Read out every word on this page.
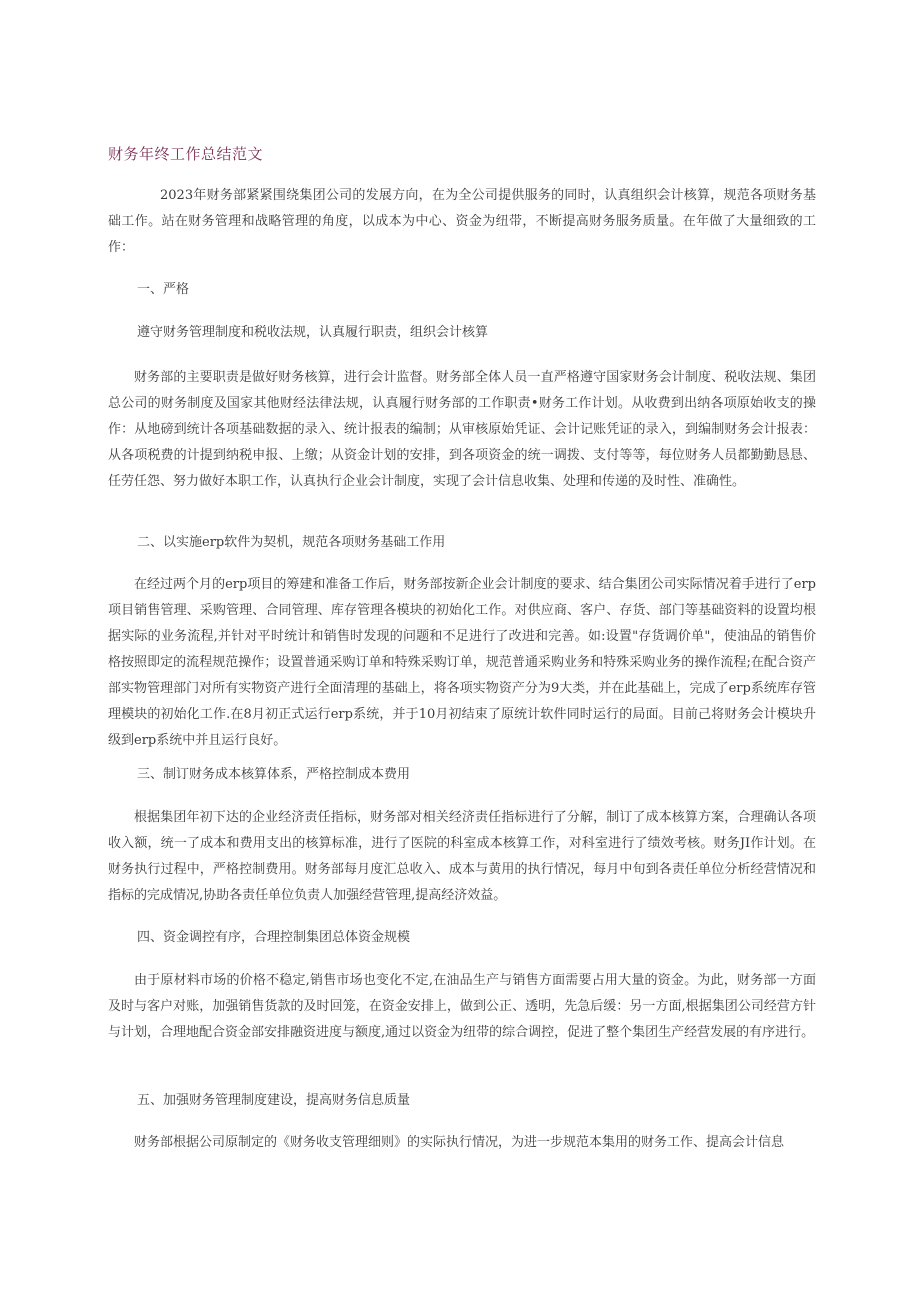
财务年终工作总结范文
2023年财务部紧紧围绕集团公司的发展方向，在为全公司提供服务的同时，认真组织会计核算，规范各项财务基础工作。站在财务管理和战略管理的角度，以成本为中心、资金为纽带，不断提高财务服务质量。在年做了大量细致的工作：
一、严格
遵守财务管理制度和税收法规，认真履行职责，组织会计核算
财务部的主要职责是做好财务核算，进行会计监督。财务部全体人员一直严格遵守国家财务会计制度、税收法规、集团总公司的财务制度及国家其他财经法律法规，认真履行财务部的工作职责•财务工作计划。从收费到出纳各项原始收支的操作：从地磅到统计各项基础数据的录入、统计报表的编制；从审核原始凭证、会计记账凭证的录入，到编制财务会计报表：从各项税费的计提到纳税申报、上缴；从资金计划的安排，到各项资金的统一调拨、支付等等，每位财务人员都勤勤恳恳、任劳任怨、努力做好本职工作，认真执行企业会计制度，实现了会计信息收集、处理和传递的及时性、准确性。
二、以实施erp软件为契机，规范各项财务基础工作用
在经过两个月的erp项目的筹建和准备工作后，财务部按新企业会计制度的要求、结合集团公司实际情况着手进行了erp项目销售管理、采购管理、合同管理、库存管理各模块的初始化工作。对供应商、客户、存货、部门等基础资料的设置均根据实际的业务流程,并针对平时统计和销售时发现的问题和不足进行了改进和完善。如:设置"存货调价单"，使油品的销售价格按照即定的流程规范操作；设置普通采购订单和特殊采购订单，规范普通采购业务和特殊采购业务的操作流程;在配合资产部实物管理部门对所有实物资产进行全面清理的基础上，将各项实物资产分为9大类，并在此基础上，完成了erp系统库存管理模块的初始化工作.在8月初正式运行erp系统，并于10月初结束了原统计软件同时运行的局面。目前己将财务会计模块升级到erp系统中并且运行良好。
三、制订财务成本核算体系，严格控制成本费用
根据集团年初下达的企业经济责任指标，财务部对相关经济责任指标进行了分解，制订了成本核算方案，合理确认各项收入额，统一了成本和费用支出的核算标准，进行了医院的科室成本核算工作，对科室进行了绩效考核。财务JI作计划。在财务执行过程中，严格控制费用。财务部每月度汇总收入、成本与黄用的执行情况，每月中旬到各责任单位分析经营情况和指标的完成情况,协助各责任单位负责人加强经营管理,提高经济效益。
四、资金调控有序，合理控制集团总体资金规模
由于原材料市场的价格不稳定,销售市场也变化不定,在油品生产与销售方面需要占用大量的资金。为此，财务部一方面及时与客户对账，加强销售货款的及时回笼，在资金安排上，做到公正、透明，先急后缓：另一方面,根据集团公司经营方针与计划，合理地配合资金部安排融资进度与额度,通过以资金为纽带的综合调控，促进了整个集团生产经营发展的有序进行。
五、加强财务管理制度建设，提高财务信息质量
财务部根据公司原制定的《财务收支管理细则》的实际执行情况，为进一步规范本集用的财务工作、提高会计信息
